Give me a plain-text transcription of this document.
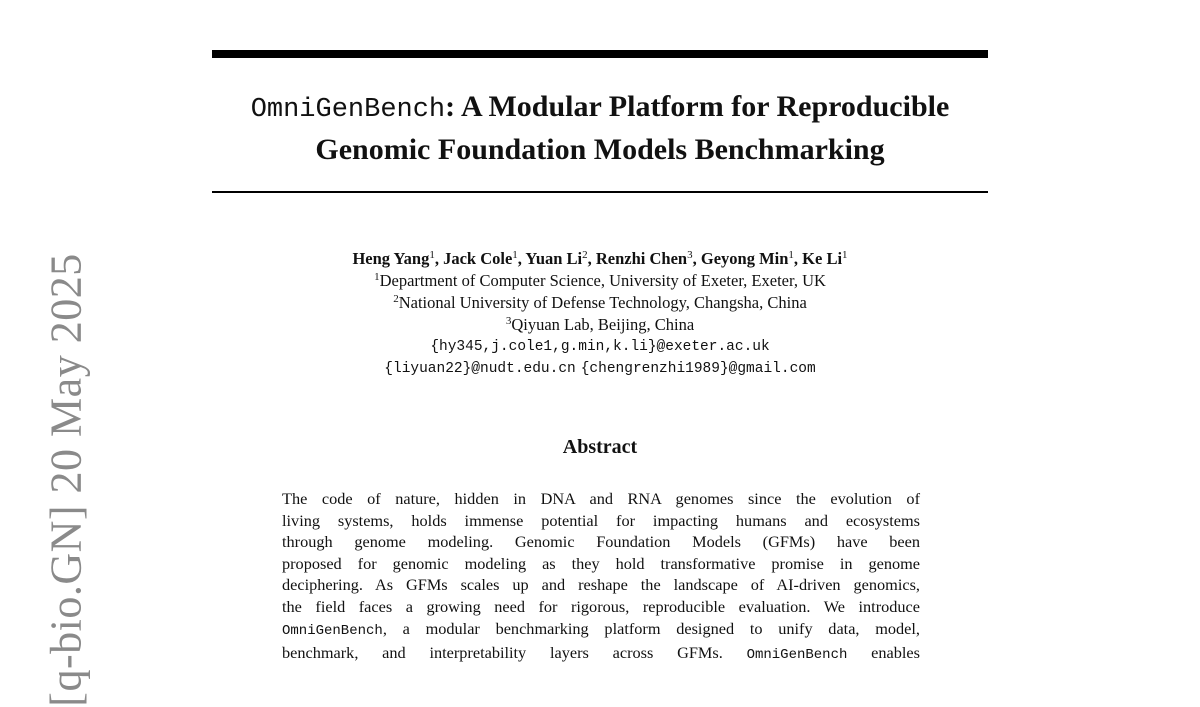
[q-bio.GN] 20 May 2025
OmniGenBench: A Modular Platform for Reproducible
Genomic Foundation Models Benchmarking
Heng Yang$^1$, Jack Cole$^1$, Yuan Li$^2$, Renzhi Chen$^3$, Geyong Min$^1$, Ke Li$^1$
$^1$Department of Computer Science, University of Exeter, Exeter, UK
$^2$National University of Defense Technology, Changsha, China
$^3$Qiyuan Lab, Beijing, China
{hy345,j.cole1,g.min,k.li}@exeter.ac.uk
{liyuan22}@nudt.edu.cn {chengrenzhi1989}@gmail.com
Abstract
The code of nature, hidden in DNA and RNA genomes since the evolution of
living systems, holds immense potential for impacting humans and ecosystems
through genome modeling. Genomic Foundation Models (GFMs) have been
proposed for genomic modeling as they hold transformative promise in genome
deciphering. As GFMs scales up and reshape the landscape of AI-driven genomics,
the field faces a growing need for rigorous, reproducible evaluation. We introduce
OmniGenBench, a modular benchmarking platform designed to unify data, model,
benchmark, and interpretability layers across GFMs. OmniGenBench enables
